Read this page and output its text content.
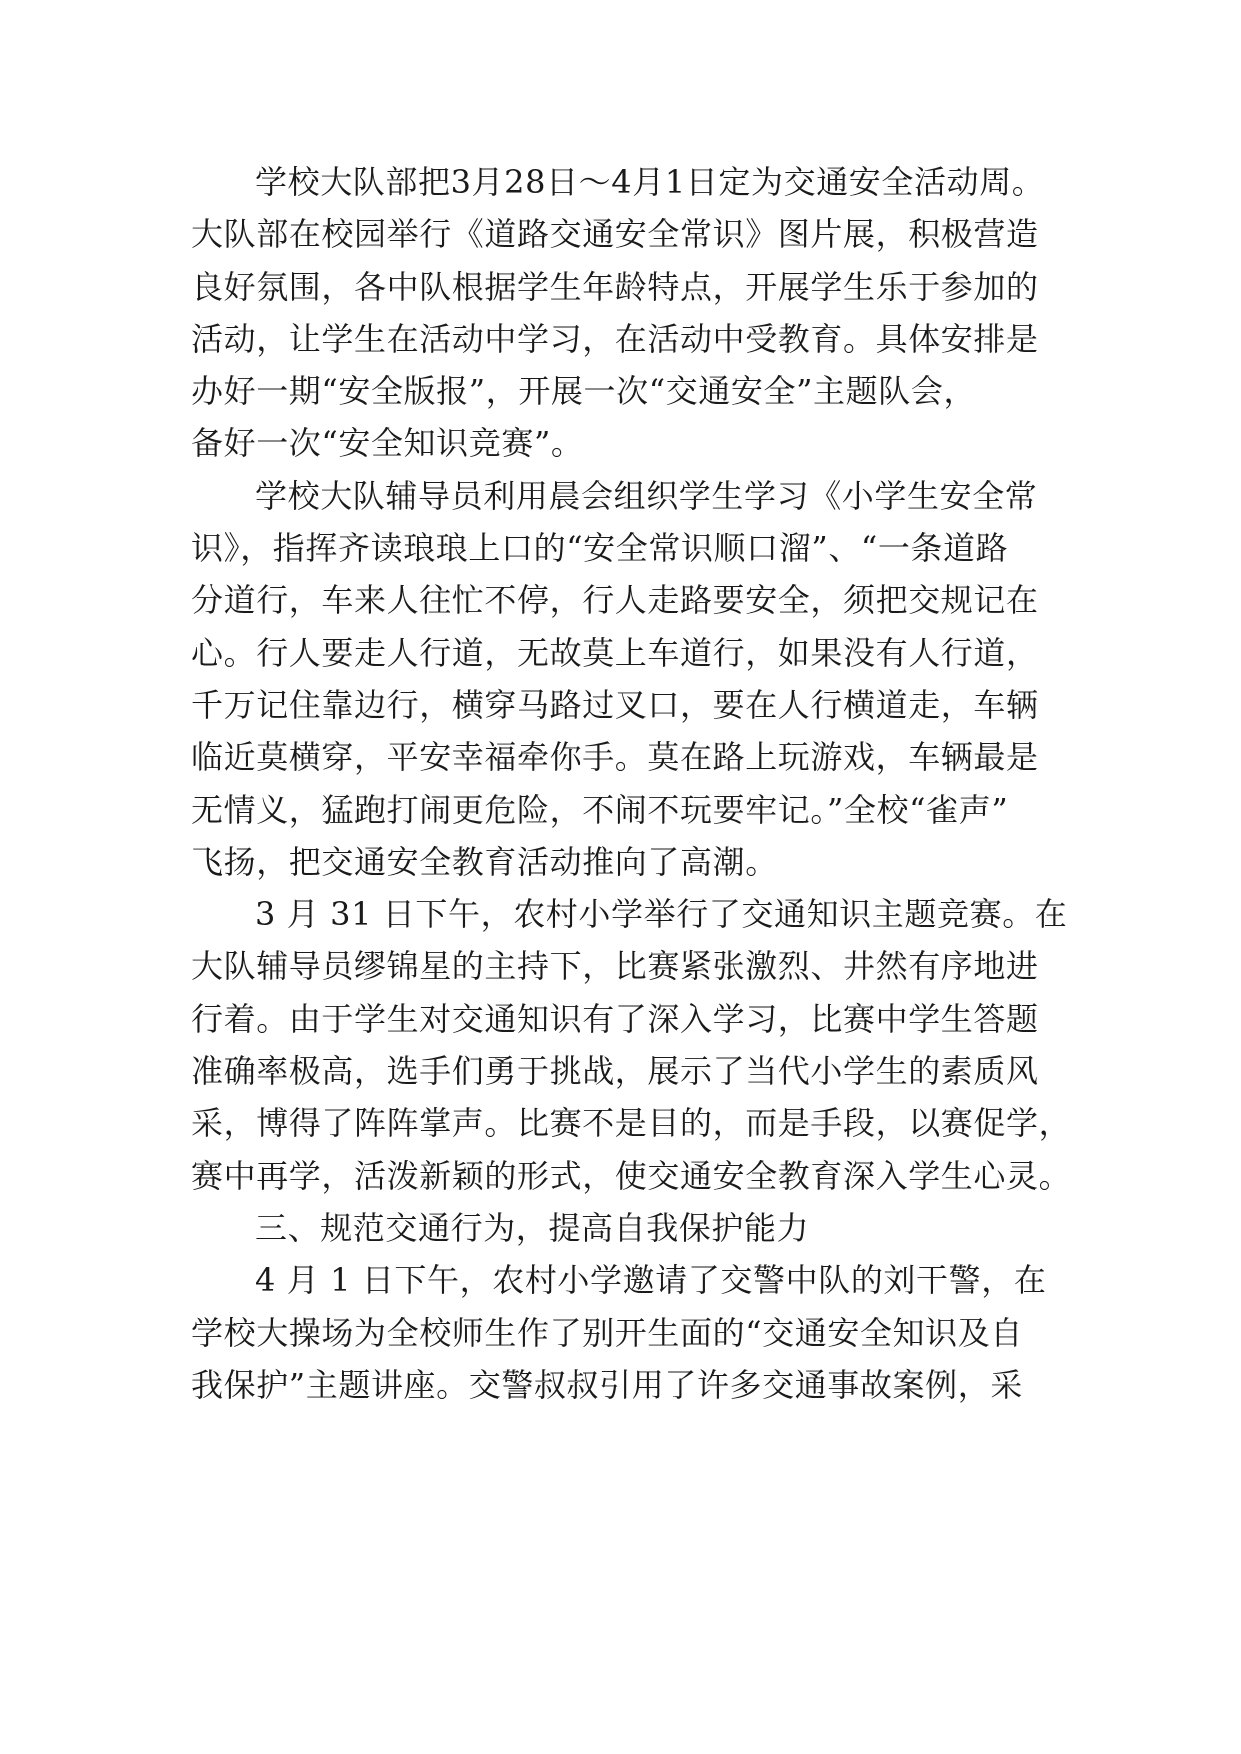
学校大队部把3月28日～4月1日定为交通安全活动周。
大队部在校园举行《道路交通安全常识》图片展，积极营造
良好氛围，各中队根据学生年龄特点，开展学生乐于参加的
活动，让学生在活动中学习，在活动中受教育。具体安排是
办好一期“安全版报”，开展一次“交通安全”主题队会，
备好一次“安全知识竞赛”。
学校大队辅导员利用晨会组织学生学习《小学生安全常
识》，指挥齐读琅琅上口的“安全常识顺口溜”、“一条道路
分道行，车来人往忙不停，行人走路要安全，须把交规记在
心。行人要走人行道，无故莫上车道行，如果没有人行道，
千万记住靠边行，横穿马路过叉口，要在人行横道走，车辆
临近莫横穿，平安幸福牵你手。莫在路上玩游戏，车辆最是
无情义，猛跑打闹更危险，不闹不玩要牢记。”全校“雀声”
飞扬，把交通安全教育活动推向了高潮。
3 月 31 日下午，农村小学举行了交通知识主题竞赛。在
大队辅导员缪锦星的主持下，比赛紧张激烈、井然有序地进
行着。由于学生对交通知识有了深入学习，比赛中学生答题
准确率极高，选手们勇于挑战，展示了当代小学生的素质风
采，博得了阵阵掌声。比赛不是目的，而是手段，以赛促学，
赛中再学，活泼新颖的形式，使交通安全教育深入学生心灵。
三、规范交通行为，提高自我保护能力
4 月 1 日下午，农村小学邀请了交警中队的刘干警，在
学校大操场为全校师生作了别开生面的“交通安全知识及自
我保护”主题讲座。交警叔叔引用了许多交通事故案例，采
